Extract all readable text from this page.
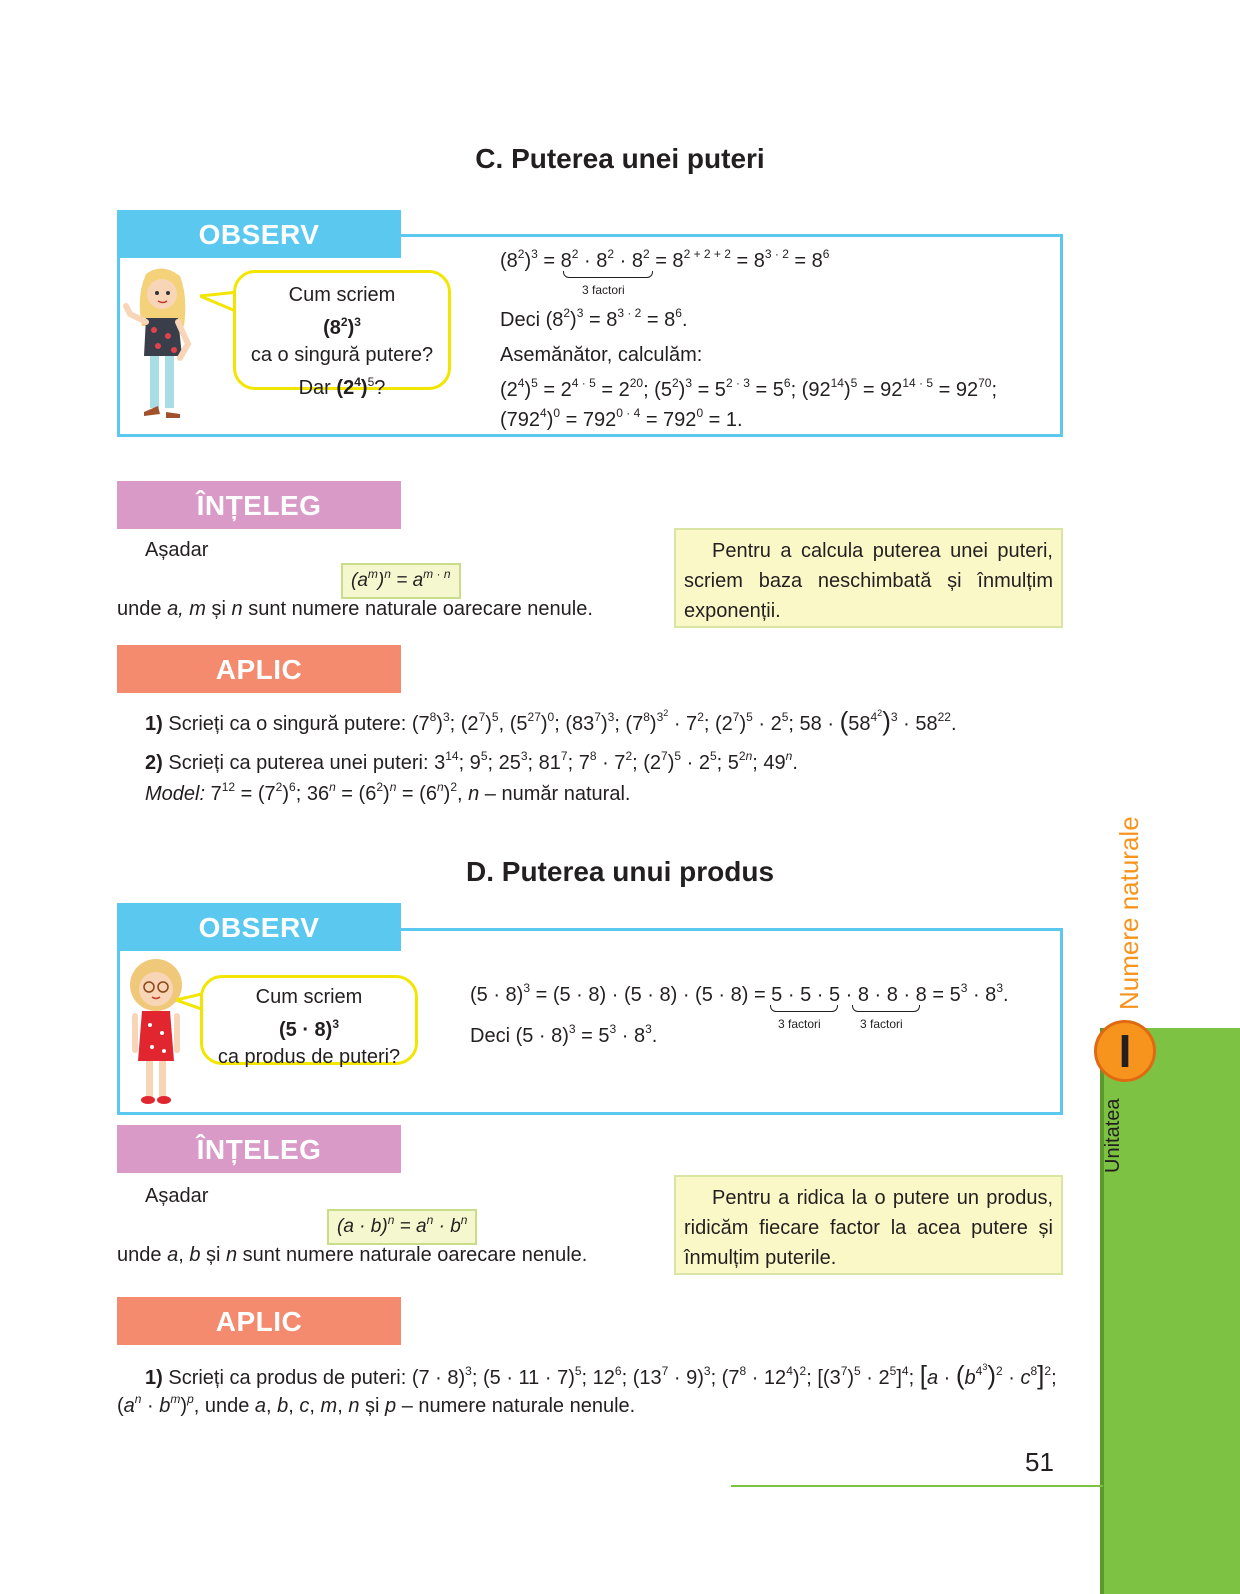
C. Puterea unei puteri
OBSERV
Cum scriem
$(8^2)^3$
ca o singură putere?
Dar $(2^4)^5$?
$(8^2)^3 = 8^2 \cdot 8^2 \cdot 8^2 = 8^{2 + 2 + 2} = 8^{3 \cdot 2} = 8^6$
3 factori
Deci $(8^2)^3 = 8^{3 \cdot 2} = 8^6$.
Asemănător, calculăm:
$(2^4)^5 = 2^{4 \cdot 5} = 2^{20}$; $(5^2)^3 = 5^{2 \cdot 3} = 5^6$; $(92^{14})^5 = 92^{14 \cdot 5} = 92^{70}$;
$(792^4)^0 = 792^{0 \cdot 4} = 792^0 = 1$.
ÎNȚELEG
Așadar
$(a^m)^n = a^{m \cdot n}$
unde a, m și n sunt numere naturale oarecare nenule.
Pentru a calcula puterea unei puteri, scriem baza neschimbată și înmulțim exponenții.
APLIC
1) Scrieți ca o singură putere: $(7^8)^3$; $(2^7)^5$, $(5^{27})^0$; $(83^7)^3$; $(7^8)^{3^2} \cdot 7^2$; $(2^7)^5 \cdot 2^5$; $58 \cdot (58^{4^2})^3 \cdot 58^{22}$.
2) Scrieți ca puterea unei puteri: $3^{14}$; $9^5$; $25^3$; $81^7$; $7^8 \cdot 7^2$; $(2^7)^5 \cdot 2^5$; $5^{2n}$; 49$^n$.
Model: $7^{12} = (7^2)^6$; $36^n = (6^2)^n = (6^n)^2$, n – număr natural.
D. Puterea unui produs
OBSERV
Cum scriem
$(5 \cdot 8)^3$
ca produs de puteri?
$(5 \cdot 8)^3 = (5 \cdot 8) \cdot (5 \cdot 8) \cdot (5 \cdot 8) = 5 \cdot 5 \cdot 5 \cdot 8 \cdot 8 \cdot 8 = 5^3 \cdot 8^3$.
3 factori	3 factori
Deci $(5 \cdot 8)^3 = 5^3 \cdot 8^3$.
ÎNȚELEG
Așadar
$(a \cdot b)^n = a^n \cdot b^n$
unde a, b și n sunt numere naturale oarecare nenule.
Pentru a ridica la o putere un produs, ridicăm fiecare factor la acea putere și înmulțim puterile.
APLIC
1) Scrieți ca produs de puteri: $(7 \cdot 8)^3$; $(5 \cdot 11 \cdot 7)^5$; $12^6$; $(13^7 \cdot 9)^3$; $(7^8 \cdot 12^4)^2$; $[(3^7)^5 \cdot 2^5]^4$; $[a \cdot (b^{4^3})^2 \cdot c^8]^2$;
$(a^n \cdot b^m)^p$, unde a, b, c, m, n și p – numere naturale nenule.
I
Unitatea
Numere naturale
51
